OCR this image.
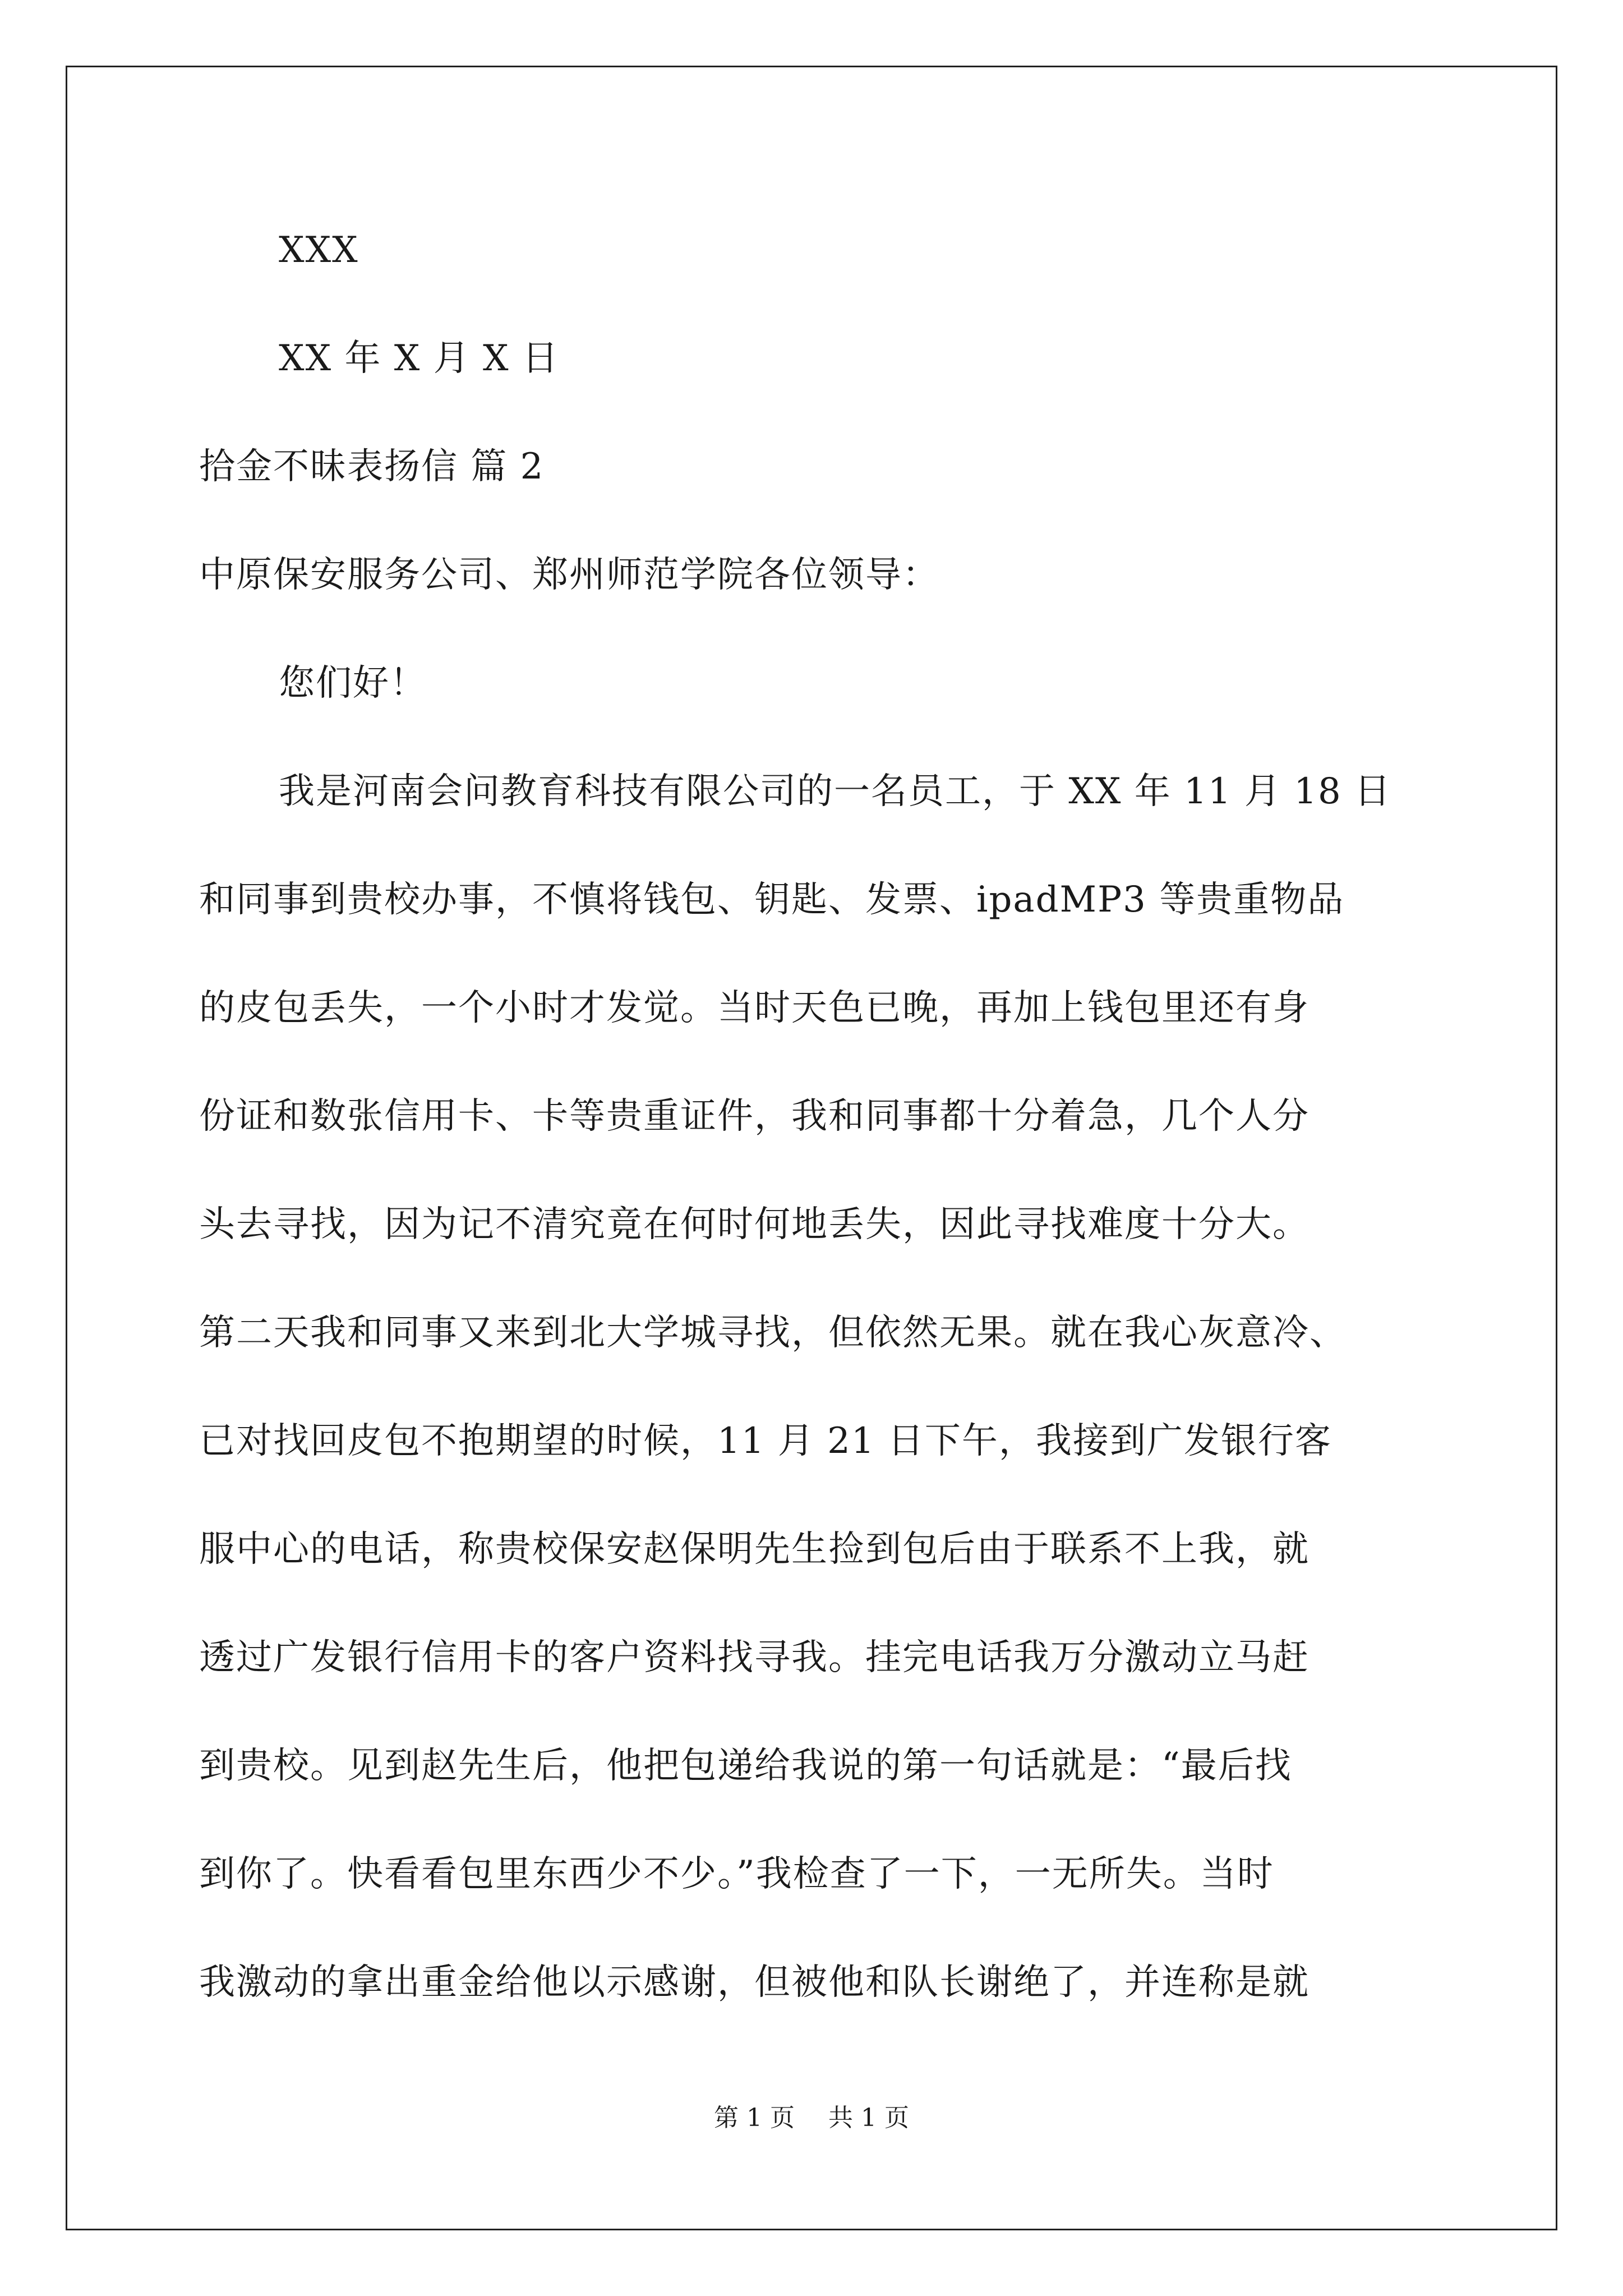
XXX
XX 年 X 月 X 日
拾金不昧表扬信 篇 2
中原保安服务公司、郑州师范学院各位领导：
您们好！
我是河南会问教育科技有限公司的一名员工，于 XX 年 11 月 18 日
和同事到贵校办事，不慎将钱包、钥匙、发票、ipadMP3 等贵重物品
的皮包丢失，一个小时才发觉。当时天色已晚，再加上钱包里还有身
份证和数张信用卡、卡等贵重证件，我和同事都十分着急，几个人分
头去寻找，因为记不清究竟在何时何地丢失，因此寻找难度十分大。
第二天我和同事又来到北大学城寻找，但依然无果。就在我心灰意冷、
已对找回皮包不抱期望的时候，11 月 21 日下午，我接到广发银行客
服中心的电话，称贵校保安赵保明先生捡到包后由于联系不上我，就
透过广发银行信用卡的客户资料找寻我。挂完电话我万分激动立马赶
到贵校。见到赵先生后，他把包递给我说的第一句话就是：“最后找
到你了。快看看包里东西少不少。”我检查了一下，一无所失。当时
我激动的拿出重金给他以示感谢，但被他和队长谢绝了，并连称是就
第 1 页 共 1 页
